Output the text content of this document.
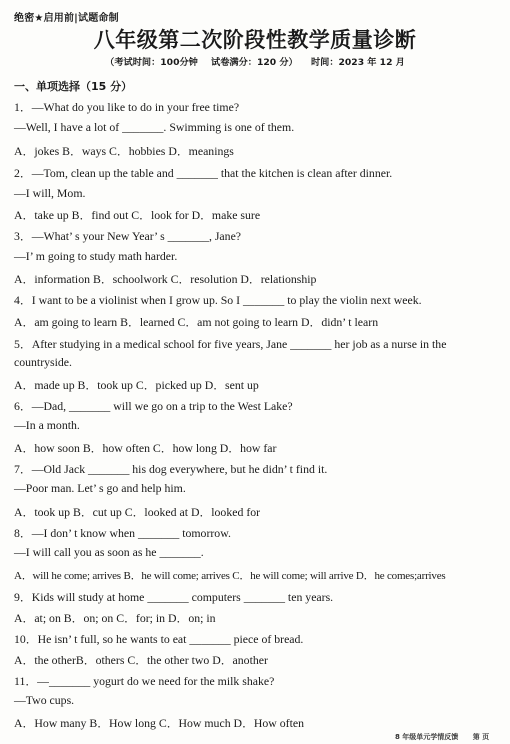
绝密★启用前|试题命制
八年级第二次阶段性教学质量诊断
（考试时间：100分钟 试卷满分：120 分） 时间：2023 年 12 月
一、单项选择（15 分）
1．—What do you like to do in your free time?
—Well, I have a lot of _______. Swimming is one of them.
A．jokes B．ways C．hobbies D．meanings
2．—Tom, clean up the table and _______ that the kitchen is clean after dinner.
—I will, Mom.
A．take up B．find out C．look for D．make sure
3．—What’ s your New Year’ s _______, Jane?
—I’ m going to study math harder.
A．information B．schoolwork C．resolution D．relationship
4．I want to be a violinist when I grow up. So I _______ to play the violin next week.
A．am going to learn B．learned C．am not going to learn D．didn’ t learn
5．After studying in a medical school for five years, Jane _______ her job as a nurse in the
countryside.
A．made up B．took up C．picked up D．sent up
6．—Dad, _______ will we go on a trip to the West Lake?
—In a month.
A．how soon B．how often C．how long D．how far
7．—Old Jack _______ his dog everywhere, but he didn’ t find it.
—Poor man. Let’ s go and help him.
A．took up B．cut up C．looked at D．looked for
8．—I don’ t know when _______ tomorrow.
—I will call you as soon as he _______.
A．will he come; arrives B．he will come; arrives C．he will come; will arrive D．he comes;arrives
9．Kids will study at home _______ computers _______ ten years.
A．at; on B．on; on C．for; in D．on; in
10．He isn’ t full, so he wants to eat _______ piece of bread.
A．the otherB．others C．the other two D．another
11．—_______ yogurt do we need for the milk shake?
—Two cups.
A．How many B．How long C．How much D．How often
8 年级单元学情反馈 第 页
